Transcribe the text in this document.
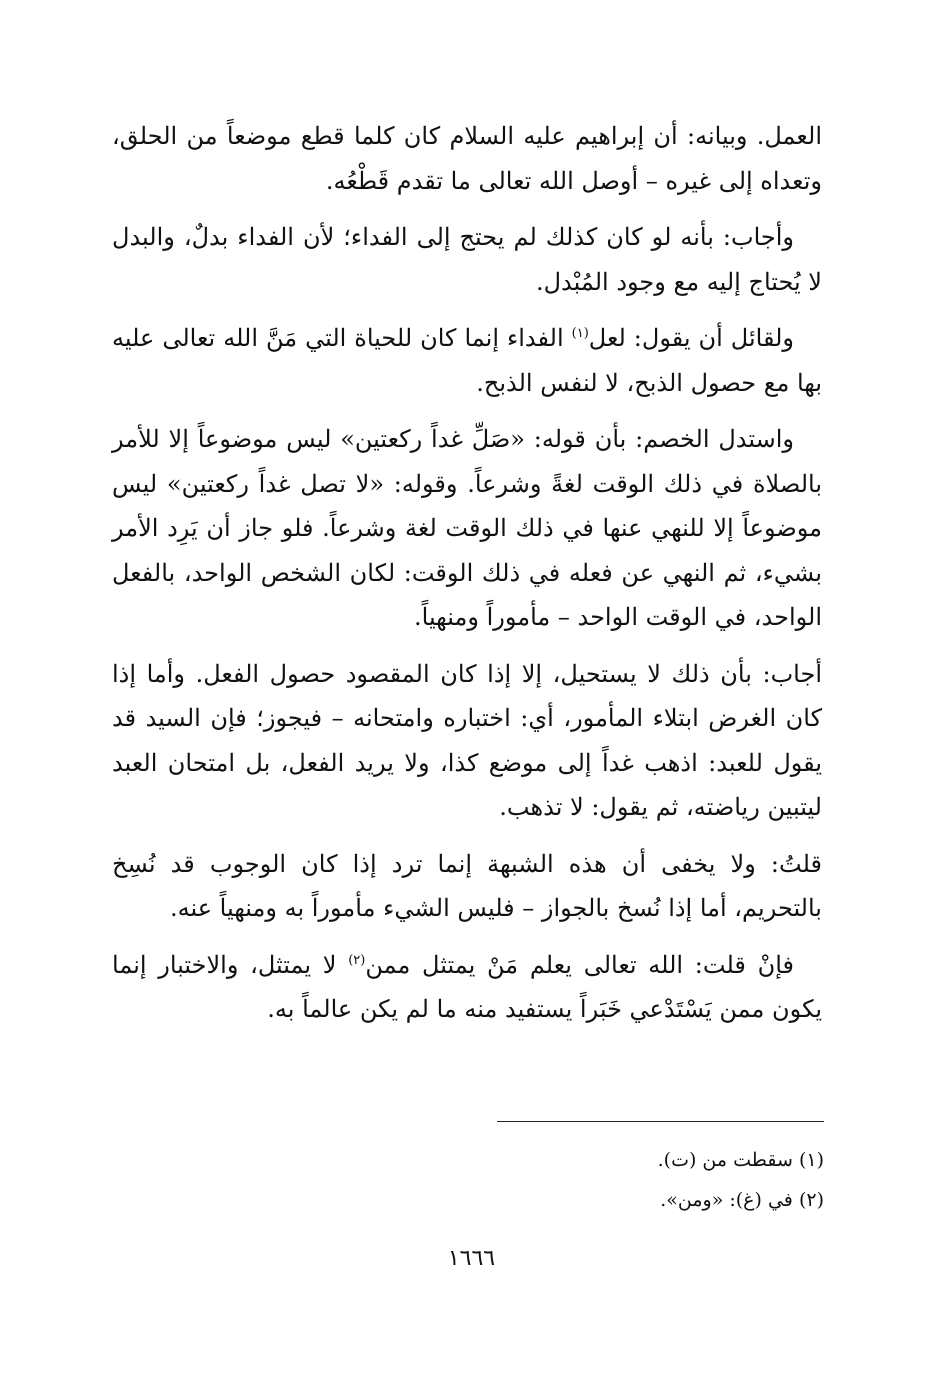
العمل. وبيانه: أن إبراهيم عليه السلام كان كلما قطع موضعاً من الحلق، وتعداه إلى غيره – أوصل الله تعالى ما تقدم قَطْعُه.

وأجاب: بأنه لو كان كذلك لم يحتج إلى الفداء؛ لأن الفداء بدلٌ، والبدل لا يُحتاج إليه مع وجود المُبْدل.

ولقائل أن يقول: لعل$^{(١)}$ الفداء إنما كان للحياة التي مَنَّ الله تعالى عليه بها مع حصول الذبح، لا لنفس الذبح.

واستدل الخصم: بأن قوله: «صَلِّ غداً ركعتين» ليس موضوعاً إلا للأمر بالصلاة في ذلك الوقت لغةً وشرعاً. وقوله: «لا تصل غداً ركعتين» ليس موضوعاً إلا للنهي عنها في ذلك الوقت لغة وشرعاً. فلو جاز أن يَرِد الأمر بشيء، ثم النهي عن فعله في ذلك الوقت: لكان الشخص الواحد، بالفعل الواحد، في الوقت الواحد – مأموراً ومنهياً.

أجاب: بأن ذلك لا يستحيل، إلا إذا كان المقصود حصول الفعل. وأما إذا كان الغرض ابتلاء المأمور، أي: اختباره وامتحانه – فيجوز؛ فإن السيد قد يقول للعبد: اذهب غداً إلى موضع كذا، ولا يريد الفعل، بل امتحان العبد ليتبين رياضته، ثم يقول: لا تذهب.

قلتُ: ولا يخفى أن هذه الشبهة إنما ترد إذا كان الوجوب قد نُسِخ بالتحريم، أما إذا نُسخ بالجواز – فليس الشيء مأموراً به ومنهياً عنه.

فإنْ قلت: الله تعالى يعلم مَنْ يمتثل ممن$^{(٢)}$ لا يمتثل، والاختبار إنما يكون ممن يَسْتَدْعي خَبَراً يستفيد منه ما لم يكن عالماً به.

(١) سقطت من (ت).

(٢) في (غ): «ومن».

١٦٦٦
